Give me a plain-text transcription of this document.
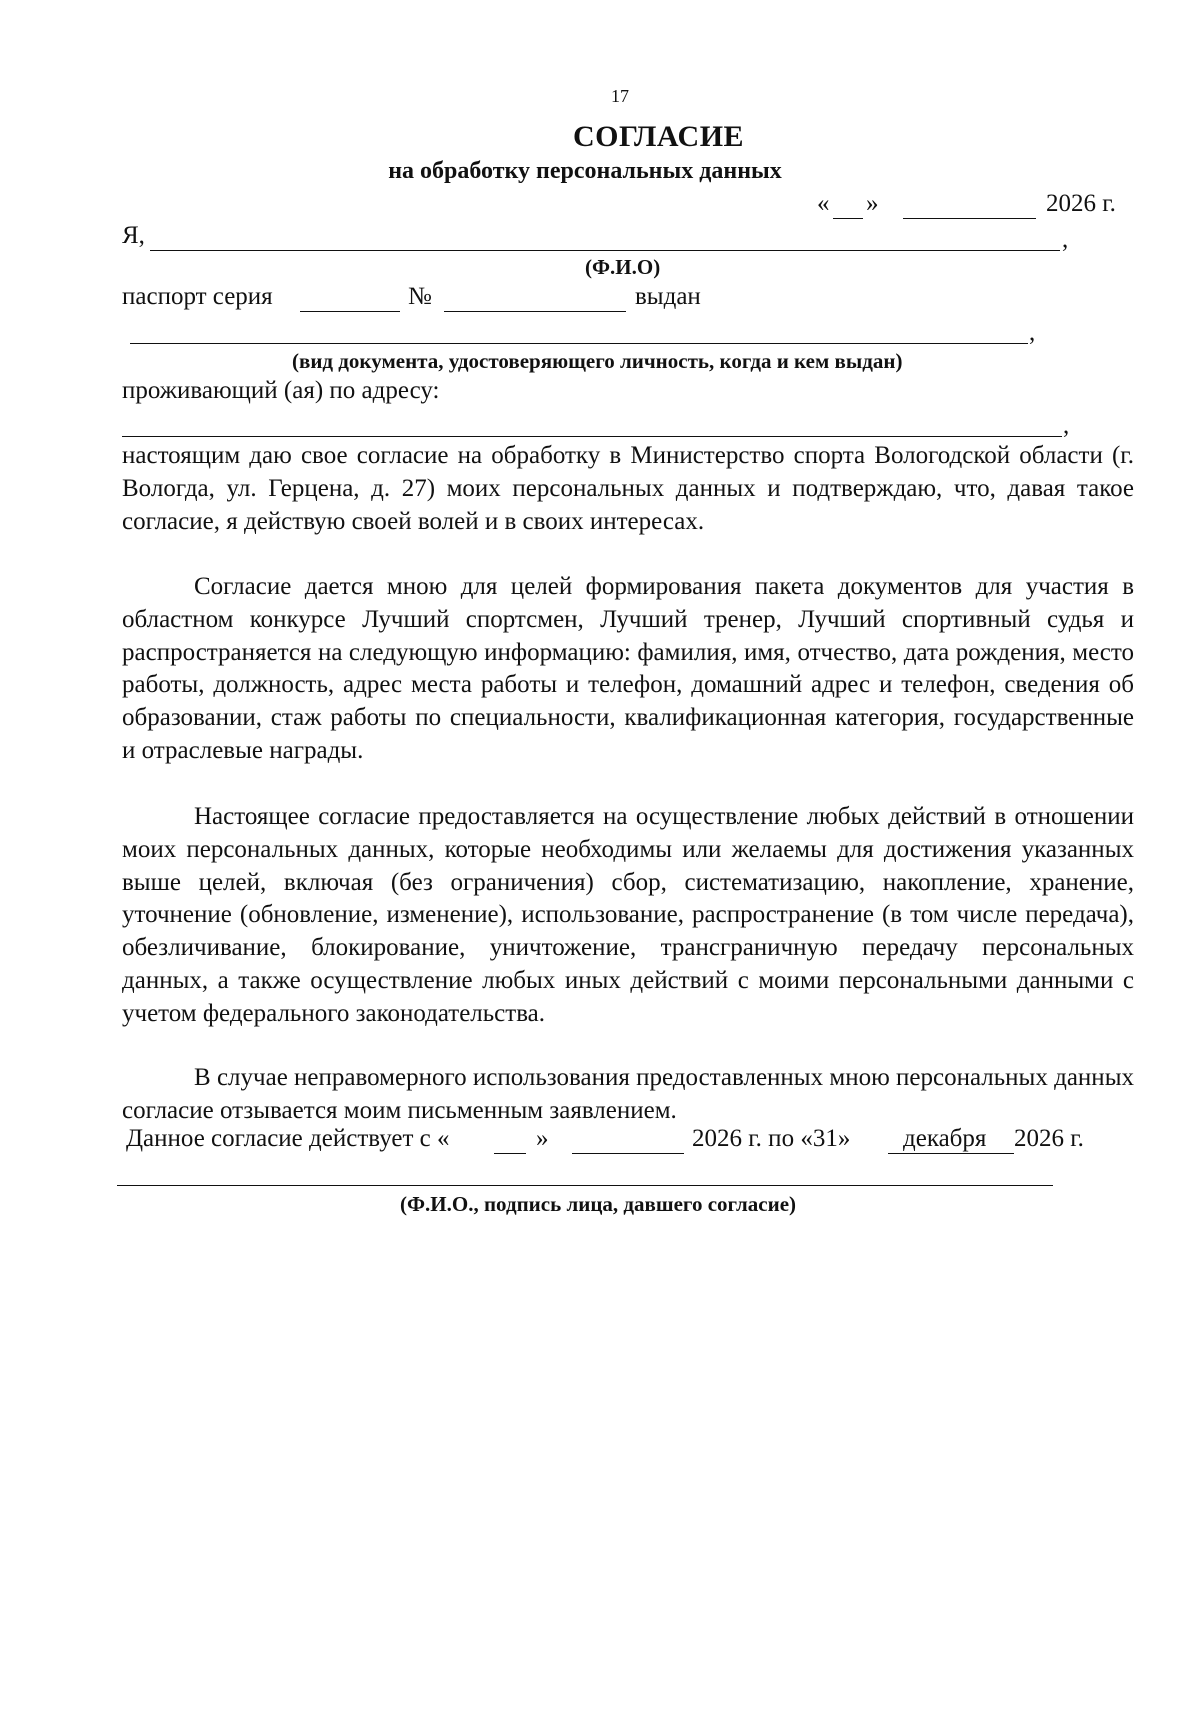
17
СОГЛАСИЕ
на обработку персональных данных
« »	2026 г.
Я,	,
(Ф.И.О)
паспорт серия	№	выдан
,
(вид документа, удостоверяющего личность, когда и кем выдан)
проживающий (ая) по адресу:
,
настоящим даю свое согласие на обработку в Министерство спорта Вологодской области (г. Вологда, ул. Герцена, д. 27) моих персональных данных и подтверждаю, что, давая такое согласие, я действую своей волей и в своих интересах.
Согласие дается мною для целей формирования пакета документов для участия в областном конкурсе Лучший спортсмен, Лучший тренер, Лучший спортивный судья и распространяется на следующую информацию: фамилия, имя, отчество, дата рождения, место работы, должность, адрес места работы и телефон, домашний адрес и телефон, сведения об образовании, стаж работы по специальности, квалификационная категория, государственные и отраслевые награды.
Настоящее согласие предоставляется на осуществление любых действий в отношении моих персональных данных, которые необходимы или желаемы для достижения указанных выше целей, включая (без ограничения) сбор, систематизацию, накопление, хранение, уточнение (обновление, изменение), использование, распространение (в том числе передача), обезличивание, блокирование, уничтожение, трансграничную передачу персональных данных, а также осуществление любых иных действий с моими персональными данными с учетом федерального законодательства.
В случае неправомерного использования предоставленных мною персональных данных согласие отзывается моим письменным заявлением.
Данное согласие действует с «	»	2026 г. по «31» декабря 2026 г.
(Ф.И.О., подпись лица, давшего согласие)
